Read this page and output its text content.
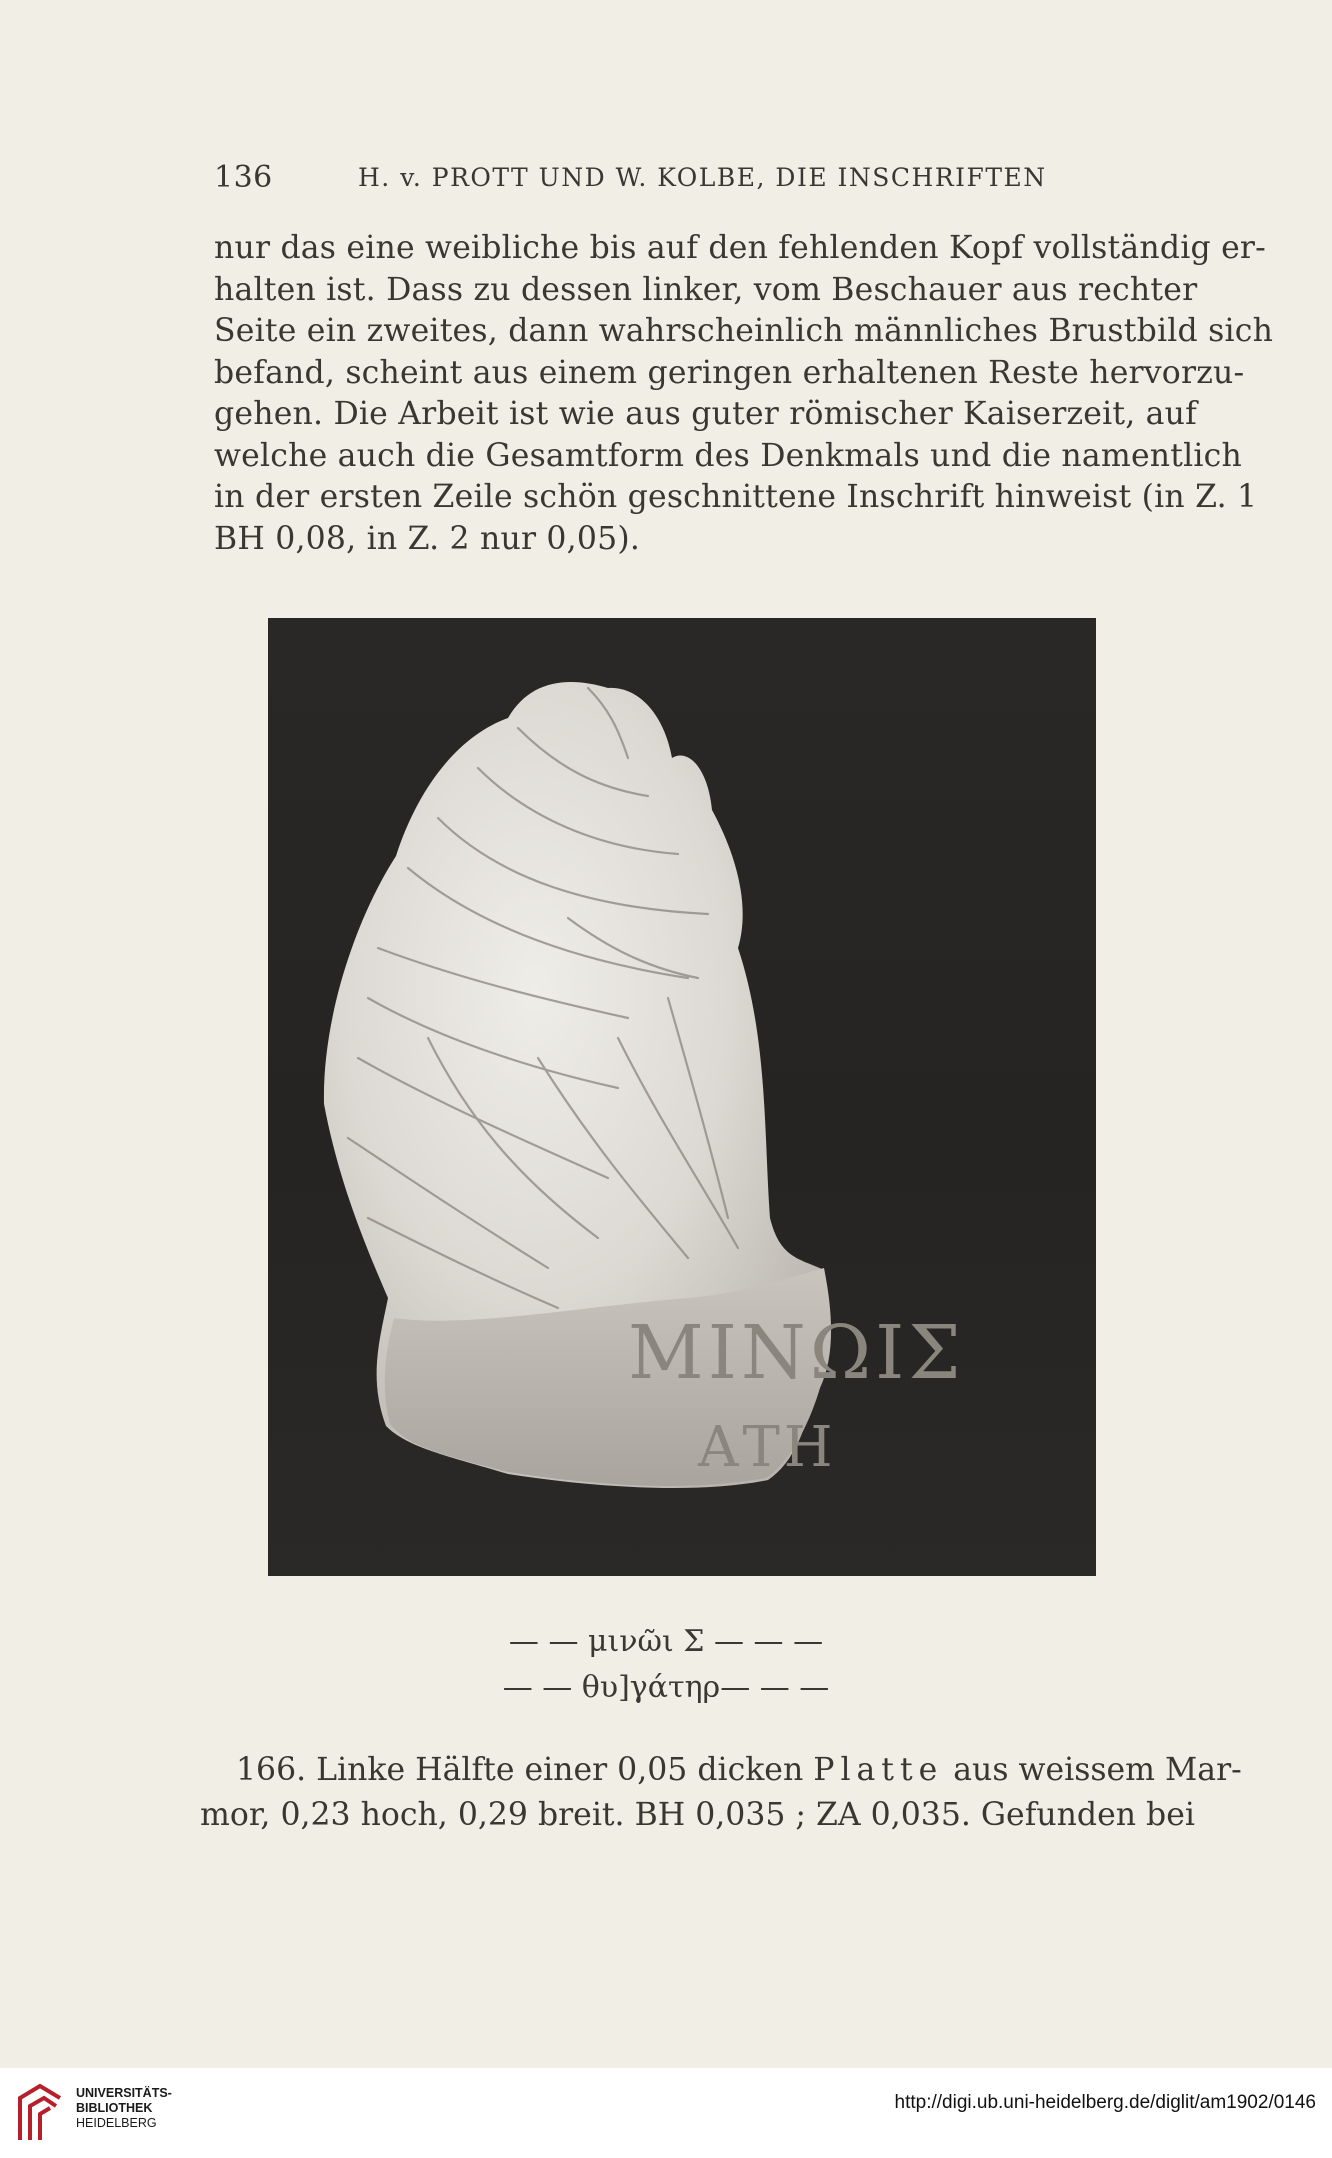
136	H. v. PROTT UND W. KOLBE, DIE INSCHRIFTEN
nur das eine weibliche bis auf den fehlenden Kopf vollständig er-
halten ist. Dass zu dessen linker, vom Beschauer aus rechter
Seite ein zweites, dann wahrscheinlich männliches Brustbild sich
befand, scheint aus einem geringen erhaltenen Reste hervorzu-
gehen. Die Arbeit ist wie aus guter römischer Kaiserzeit, auf
welche auch die Gesamtform des Denkmals und die namentlich
in der ersten Zeile schön geschnittene Inschrift hinweist (in Z. 1
BH 0,08, in Z. 2 nur 0,05).
ΜΙΝΩΙΣ
ΑΤΗ
— — μινῶι Σ — — —
— — θυ]γάτηρ— — —
166. Linke Hälfte einer 0,05 dicken Platte aus weissem Mar-
mor, 0,23 hoch, 0,29 breit. BH 0,035 ; ZA 0,035. Gefunden bei
UNIVERSITÄTS-
BIBLIOTHEK
HEIDELBERG
http://digi.ub.uni-heidelberg.de/diglit/am1902/0146
